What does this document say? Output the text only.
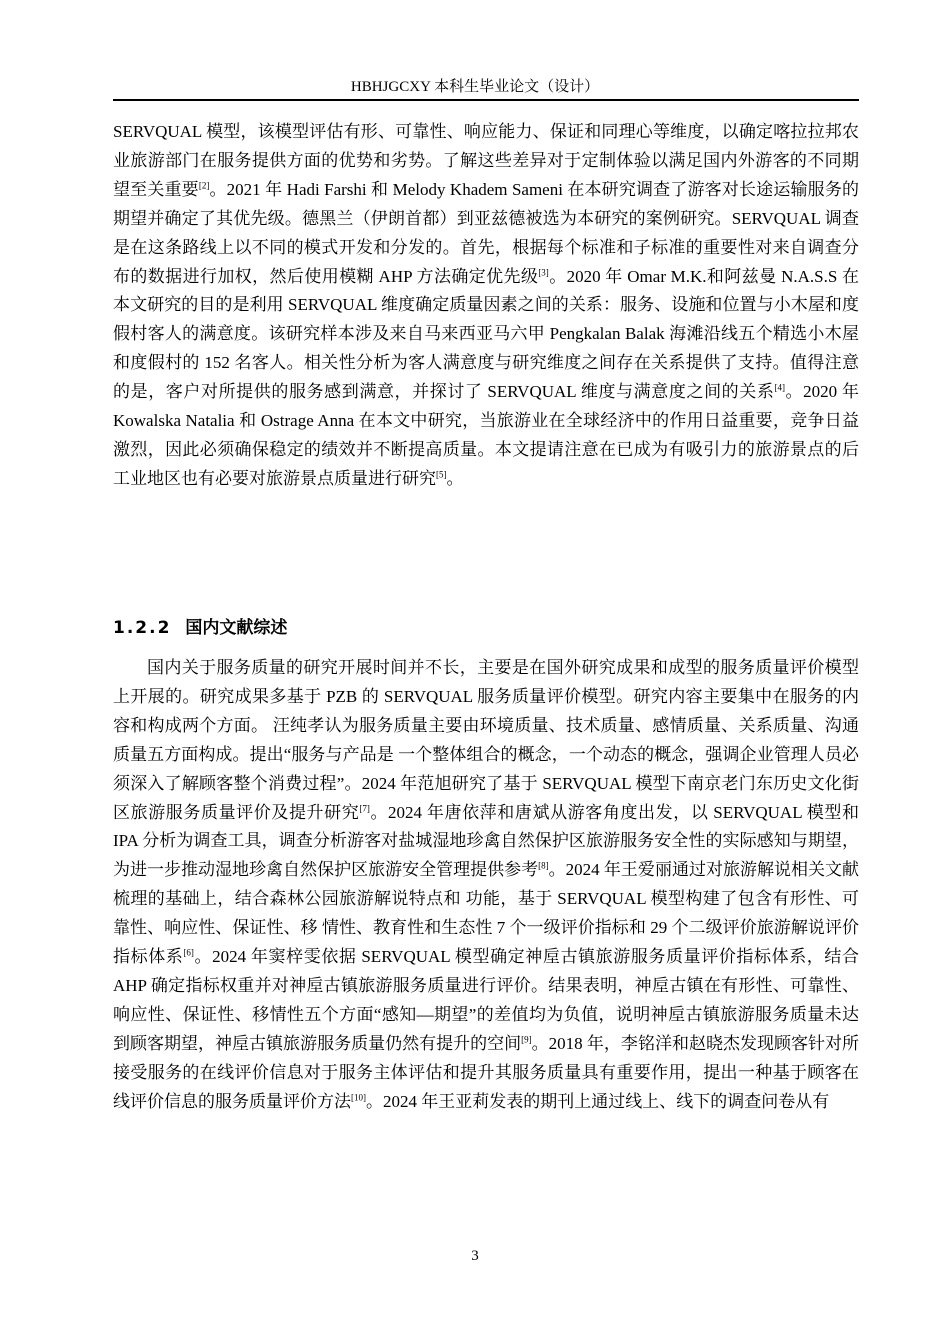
HBHJGCXY 本科生毕业论文（设计）

SERVQUAL 模型，该模型评估有形、可靠性、响应能力、保证和同理心等维度，以确定喀拉拉邦农业旅游部门在服务提供方面的优势和劣势。了解这些差异对于定制体验以满足国内外游客的不同期望至关重要[2]。2021 年 Hadi Farshi 和 Melody Khadem Sameni 在本研究调查了游客对长途运输服务的期望并确定了其优先级。德黑兰（伊朗首都）到亚兹德被选为本研究的案例研究。SERVQUAL 调查是在这条路线上以不同的模式开发和分发的。首先，根据每个标准和子标准的重要性对来自调查分布的数据进行加权，然后使用模糊 AHP 方法确定优先级[3]。2020 年 Omar M.K.和阿兹曼 N.A.S.S 在本文研究的目的是利用 SERVQUAL 维度确定质量因素之间的关系：服务、设施和位置与小木屋和度假村客人的满意度。该研究样本涉及来自马来西亚马六甲 Pengkalan Balak 海滩沿线五个精选小木屋和度假村的 152 名客人。相关性分析为客人满意度与研究维度之间存在关系提供了支持。值得注意的是，客户对所提供的服务感到满意，并探讨了 SERVQUAL 维度与满意度之间的关系[4]。2020 年 Kowalska Natalia 和 Ostrage Anna 在本文中研究，当旅游业在全球经济中的作用日益重要，竞争日益激烈，因此必须确保稳定的绩效并不断提高质量。本文提请注意在已成为有吸引力的旅游景点的后工业地区也有必要对旅游景点质量进行研究[5]。

1.2.2 国内文献综述

国内关于服务质量的研究开展时间并不长，主要是在国外研究成果和成型的服务质量评价模型上开展的。研究成果多基于 PZB 的 SERVQUAL 服务质量评价模型。研究内容主要集中在服务的内容和构成两个方面。 汪纯孝认为服务质量主要由环境质量、技术质量、感情质量、关系质量、沟通质量五方面构成。提出“服务与产品是 一个整体组合的概念，一个动态的概念，强调企业管理人员必须深入了解顾客整个消费过程”。2024 年范旭研究了基于 SERVQUAL 模型下南京老门东历史文化街区旅游服务质量评价及提升研究[7]。2024 年唐依萍和唐斌从游客角度出发，以 SERVQUAL 模型和 IPA 分析为调查工具，调查分析游客对盐城湿地珍禽自然保护区旅游服务安全性的实际感知与期望，为进一步推动湿地珍禽自然保护区旅游安全管理提供参考[8]。2024 年王爱丽通过对旅游解说相关文献梳理的基础上，结合森林公园旅游解说特点和 功能，基于 SERVQUAL 模型构建了包含有形性、可靠性、响应性、保证性、移 情性、教育性和生态性 7 个一级评价指标和 29 个二级评价旅游解说评价指标体系[6]。2024 年窦梓雯依据 SERVQUAL 模型确定神垕古镇旅游服务质量评价指标体系，结合 AHP 确定指标权重并对神垕古镇旅游服务质量进行评价。结果表明，神垕古镇在有形性、可靠性、响应性、保证性、移情性五个方面“感知—期望”的差值均为负值，说明神垕古镇旅游服务质量未达到顾客期望，神垕古镇旅游服务质量仍然有提升的空间[9]。2018 年，李铭洋和赵晓杰发现顾客针对所接受服务的在线评价信息对于服务主体评估和提升其服务质量具有重要作用，提出一种基于顾客在线评价信息的服务质量评价方法[10]。2024 年王亚莉发表的期刊上通过线上、线下的调查问卷从有

3
